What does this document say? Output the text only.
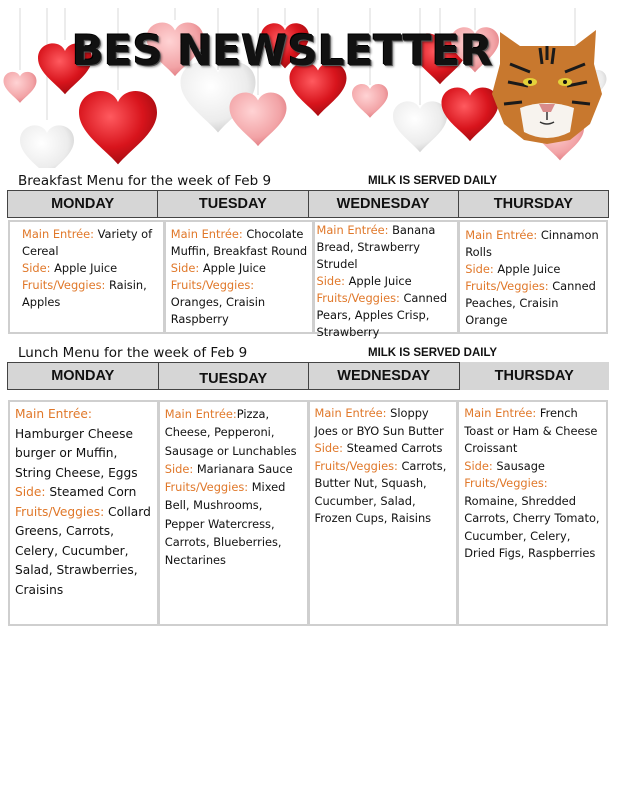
BES NEWSLETTER
Breakfast Menu for the week of Feb 9	MILK IS SERVED DAILY
MONDAY	TUESDAY	WEDNESDAY	THURSDAY
Main Entrée: Variety of Cereal
Side: Apple Juice
Fruits/Veggies: Raisin, Apples
Main Entrée: Chocolate Muffin, Breakfast Round
Side: Apple Juice
Fruits/Veggies: Oranges, Craisin Raspberry
Main Entrée: Banana Bread, Strawberry Strudel
Side: Apple Juice
Fruits/Veggies: Canned Pears, Apples Crisp, Strawberry
Main Entrée: Cinnamon Rolls
Side: Apple Juice
Fruits/Veggies: Canned Peaches, Craisin Orange
Lunch Menu for the week of Feb 9	MILK IS SERVED DAILY
MONDAY	TUESDAY	WEDNESDAY	THURSDAY
Main Entrée: Hamburger Cheese burger or Muffin, String Cheese, Eggs
Side: Steamed Corn
Fruits/Veggies: Collard Greens, Carrots, Celery, Cucumber, Salad, Strawberries, Craisins
Main Entrée:Pizza, Cheese, Pepperoni, Sausage or Lunchables
Side: Marianara Sauce
Fruits/Veggies: Mixed Bell, Mushrooms, Pepper Watercress, Carrots, Blueberries, Nectarines
Main Entrée: Sloppy Joes or BYO Sun Butter
Side: Steamed Carrots
Fruits/Veggies: Carrots, Butter Nut, Squash, Cucumber, Salad, Frozen Cups, Raisins
Main Entrée: French Toast or Ham & Cheese Croissant
Side: Sausage
Fruits/Veggies: Romaine, Shredded Carrots, Cherry Tomato, Cucumber, Celery, Dried Figs, Raspberries
